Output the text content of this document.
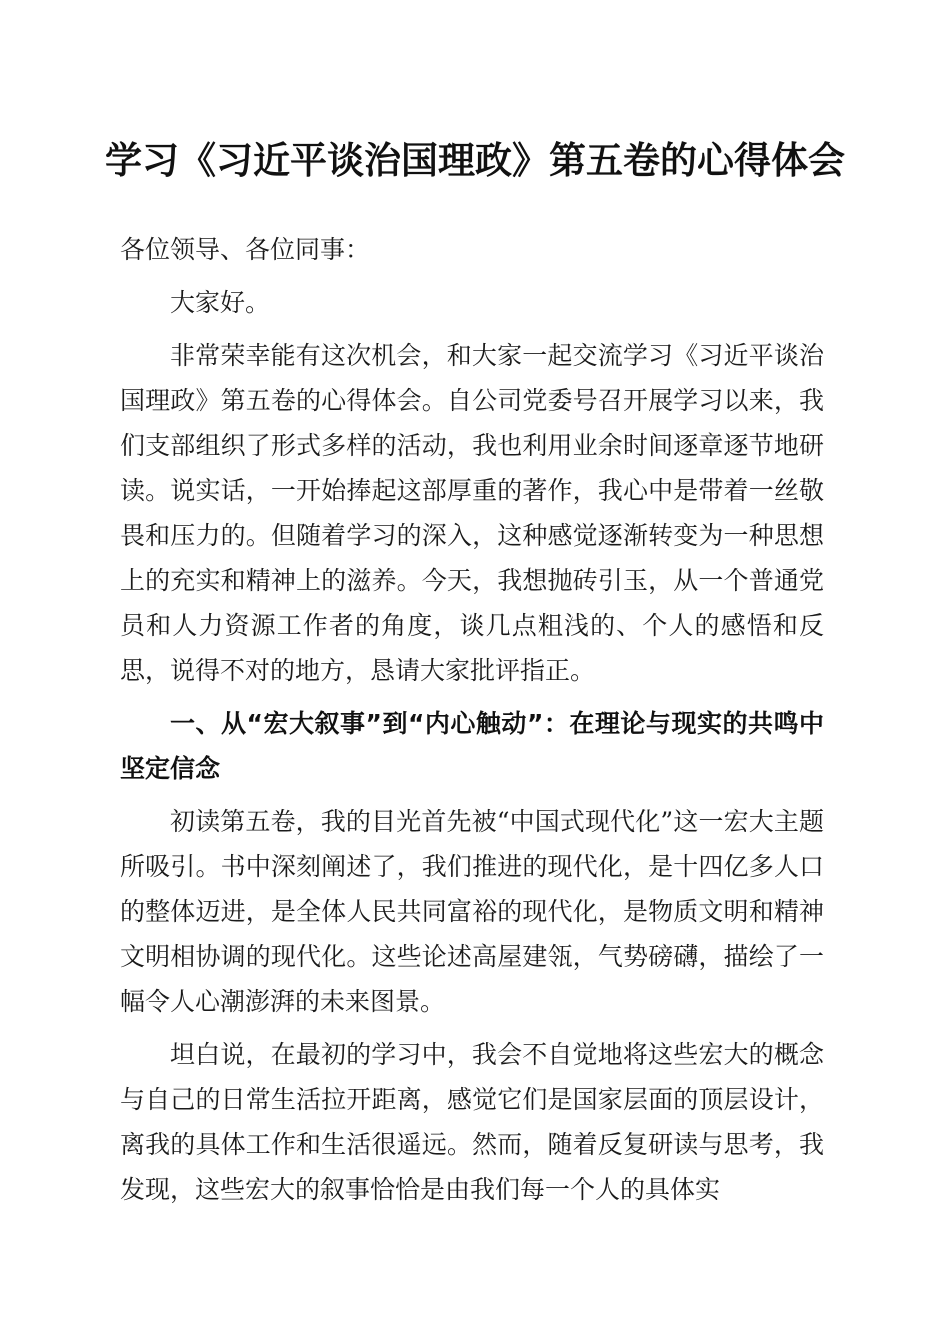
学习《习近平谈治国理政》第五卷的心得体会

各位领导、各位同事：

大家好。

非常荣幸能有这次机会，和大家一起交流学习《习近平谈治国理政》第五卷的心得体会。自公司党委号召开展学习以来，我们支部组织了形式多样的活动，我也利用业余时间逐章逐节地研读。说实话，一开始捧起这部厚重的著作，我心中是带着一丝敬畏和压力的。但随着学习的深入，这种感觉逐渐转变为一种思想上的充实和精神上的滋养。今天，我想抛砖引玉，从一个普通党员和人力资源工作者的角度，谈几点粗浅的、个人的感悟和反思，说得不对的地方，恳请大家批评指正。

一、从“宏大叙事”到“内心触动”：在理论与现实的共鸣中坚定信念

初读第五卷，我的目光首先被“中国式现代化”这一宏大主题所吸引。书中深刻阐述了，我们推进的现代化，是十四亿多人口的整体迈进，是全体人民共同富裕的现代化，是物质文明和精神文明相协调的现代化。这些论述高屋建瓴，气势磅礴，描绘了一幅令人心潮澎湃的未来图景。

坦白说，在最初的学习中，我会不自觉地将这些宏大的概念与自己的日常生活拉开距离，感觉它们是国家层面的顶层设计，离我的具体工作和生活很遥远。然而，随着反复研读与思考，我发现，这些宏大的叙事恰恰是由我们每一个人的具体实
